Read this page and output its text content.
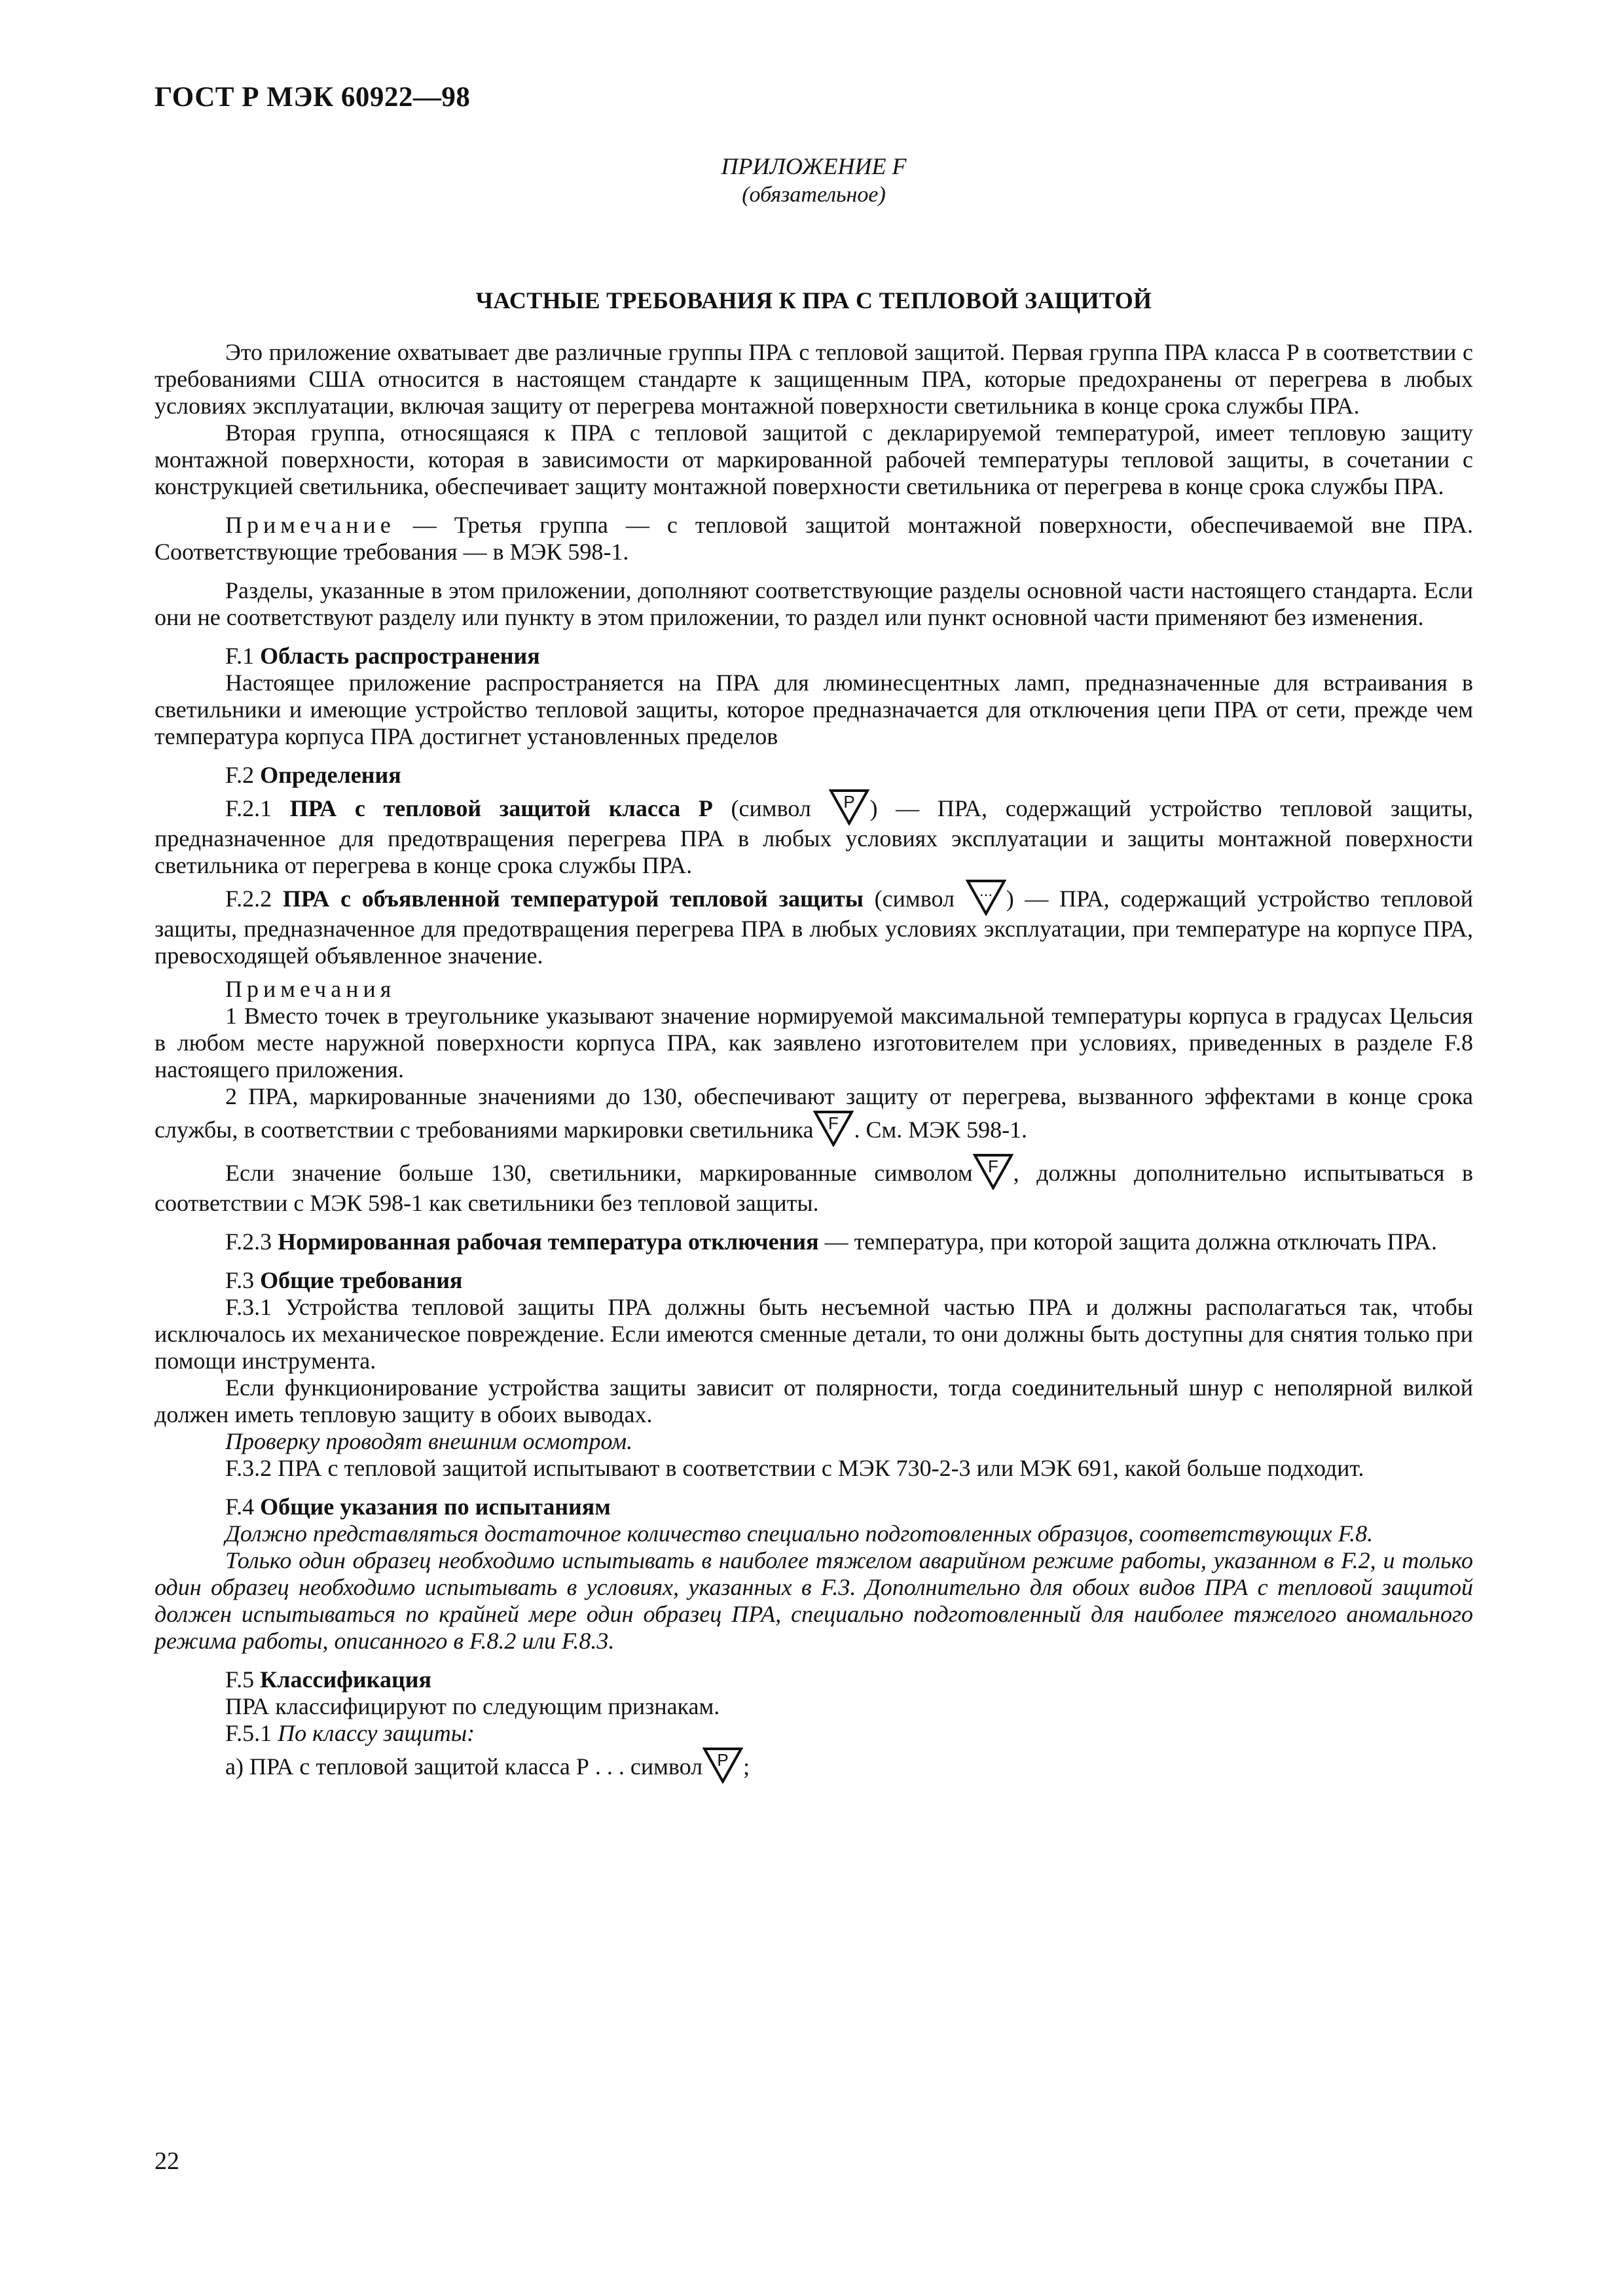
ГОСТ Р МЭК 60922—98
ПРИЛОЖЕНИЕ F
(обязательное)
ЧАСТНЫЕ ТРЕБОВАНИЯ К ПРА С ТЕПЛОВОЙ ЗАЩИТОЙ

Это приложение охватывает две различные группы ПРА с тепловой защитой. Первая группа ПРА класса Р в соответствии с требованиями США относится в настоящем стандарте к защищенным ПРА, которые предохранены от перегрева в любых условиях эксплуатации, включая защиту от перегрева монтажной поверхности светильника в конце срока службы ПРА.

Вторая группа, относящаяся к ПРА с тепловой защитой с декларируемой температурой, имеет тепловую защиту монтажной поверхности, которая в зависимости от маркированной рабочей температуры тепловой защиты, в сочетании с конструкцией светильника, обеспечивает защиту монтажной поверхности светильника от перегрева в конце срока службы ПРА.

Примечание — Третья группа — с тепловой защитой монтажной поверхности, обеспечиваемой вне ПРА. Соответствующие требования — в МЭК 598-1.

Разделы, указанные в этом приложении, дополняют соответствующие разделы основной части настоящего стандарта. Если они не соответствуют разделу или пункту в этом приложении, то раздел или пункт основной части применяют без изменения.

F.1 Область распространения

Настоящее приложение распространяется на ПРА для люминесцентных ламп, предназначенные для встраивания в светильники и имеющие устройство тепловой защиты, которое предназначается для отключения цепи ПРА от сети, прежде чем температура корпуса ПРА достигнет установленных пределов

F.2 Определения

F.2.1 ПРА с тепловой защитой класса Р (символ P ) — ПРА, содержащий устройство тепловой защиты, предназначенное для предотвращения перегрева ПРА в любых условиях эксплуатации и защиты монтажной поверхности светильника от перегрева в конце срока службы ПРА.

F.2.2 ПРА с объявленной температурой тепловой защиты (символ ... ) — ПРА, содержащий устройство тепловой защиты, предназначенное для предотвращения перегрева ПРА в любых условиях эксплуатации, при температуре на корпусе ПРА, превосходящей объявленное значение.

Примечания

1 Вместо точек в треугольнике указывают значение нормируемой максимальной температуры корпуса в градусах Цельсия в любом месте наружной поверхности корпуса ПРА, как заявлено изготовителем при условиях, приведенных в разделе F.8 настоящего приложения.

2 ПРА, маркированные значениями до 130, обеспечивают защиту от перегрева, вызванного эффектами в конце срока службы, в соответствии с требованиями маркировки светильника F . См. МЭК 598-1.

Если значение больше 130, светильники, маркированные символом F , должны дополнительно испытываться в соответствии с МЭК 598-1 как светильники без тепловой защиты.

F.2.3 Нормированная рабочая температура отключения — температура, при которой защита должна отключать ПРА.

F.3 Общие требования

F.3.1 Устройства тепловой защиты ПРА должны быть несъемной частью ПРА и должны располагаться так, чтобы исключалось их механическое повреждение. Если имеются сменные детали, то они должны быть доступны для снятия только при помощи инструмента.

Если функционирование устройства защиты зависит от полярности, тогда соединительный шнур с неполярной вилкой должен иметь тепловую защиту в обоих выводах.

Проверку проводят внешним осмотром.

F.3.2 ПРА с тепловой защитой испытывают в соответствии с МЭК 730-2-3 или МЭК 691, какой больше подходит.

F.4 Общие указания по испытаниям

Должно представляться достаточное количество специально подготовленных образцов, соответствующих F.8.

Только один образец необходимо испытывать в наиболее тяжелом аварийном режиме работы, указанном в F.2, и только один образец необходимо испытывать в условиях, указанных в F.3. Дополнительно для обоих видов ПРА с тепловой защитой должен испытываться по крайней мере один образец ПРА, специально подготовленный для наиболее тяжелого аномального режима работы, описанного в F.8.2 или F.8.3.

F.5 Классификация

ПРА классифицируют по следующим признакам.

F.5.1 По классу защиты:

a) ПРА с тепловой защитой класса Р . . . символ P ;

22
